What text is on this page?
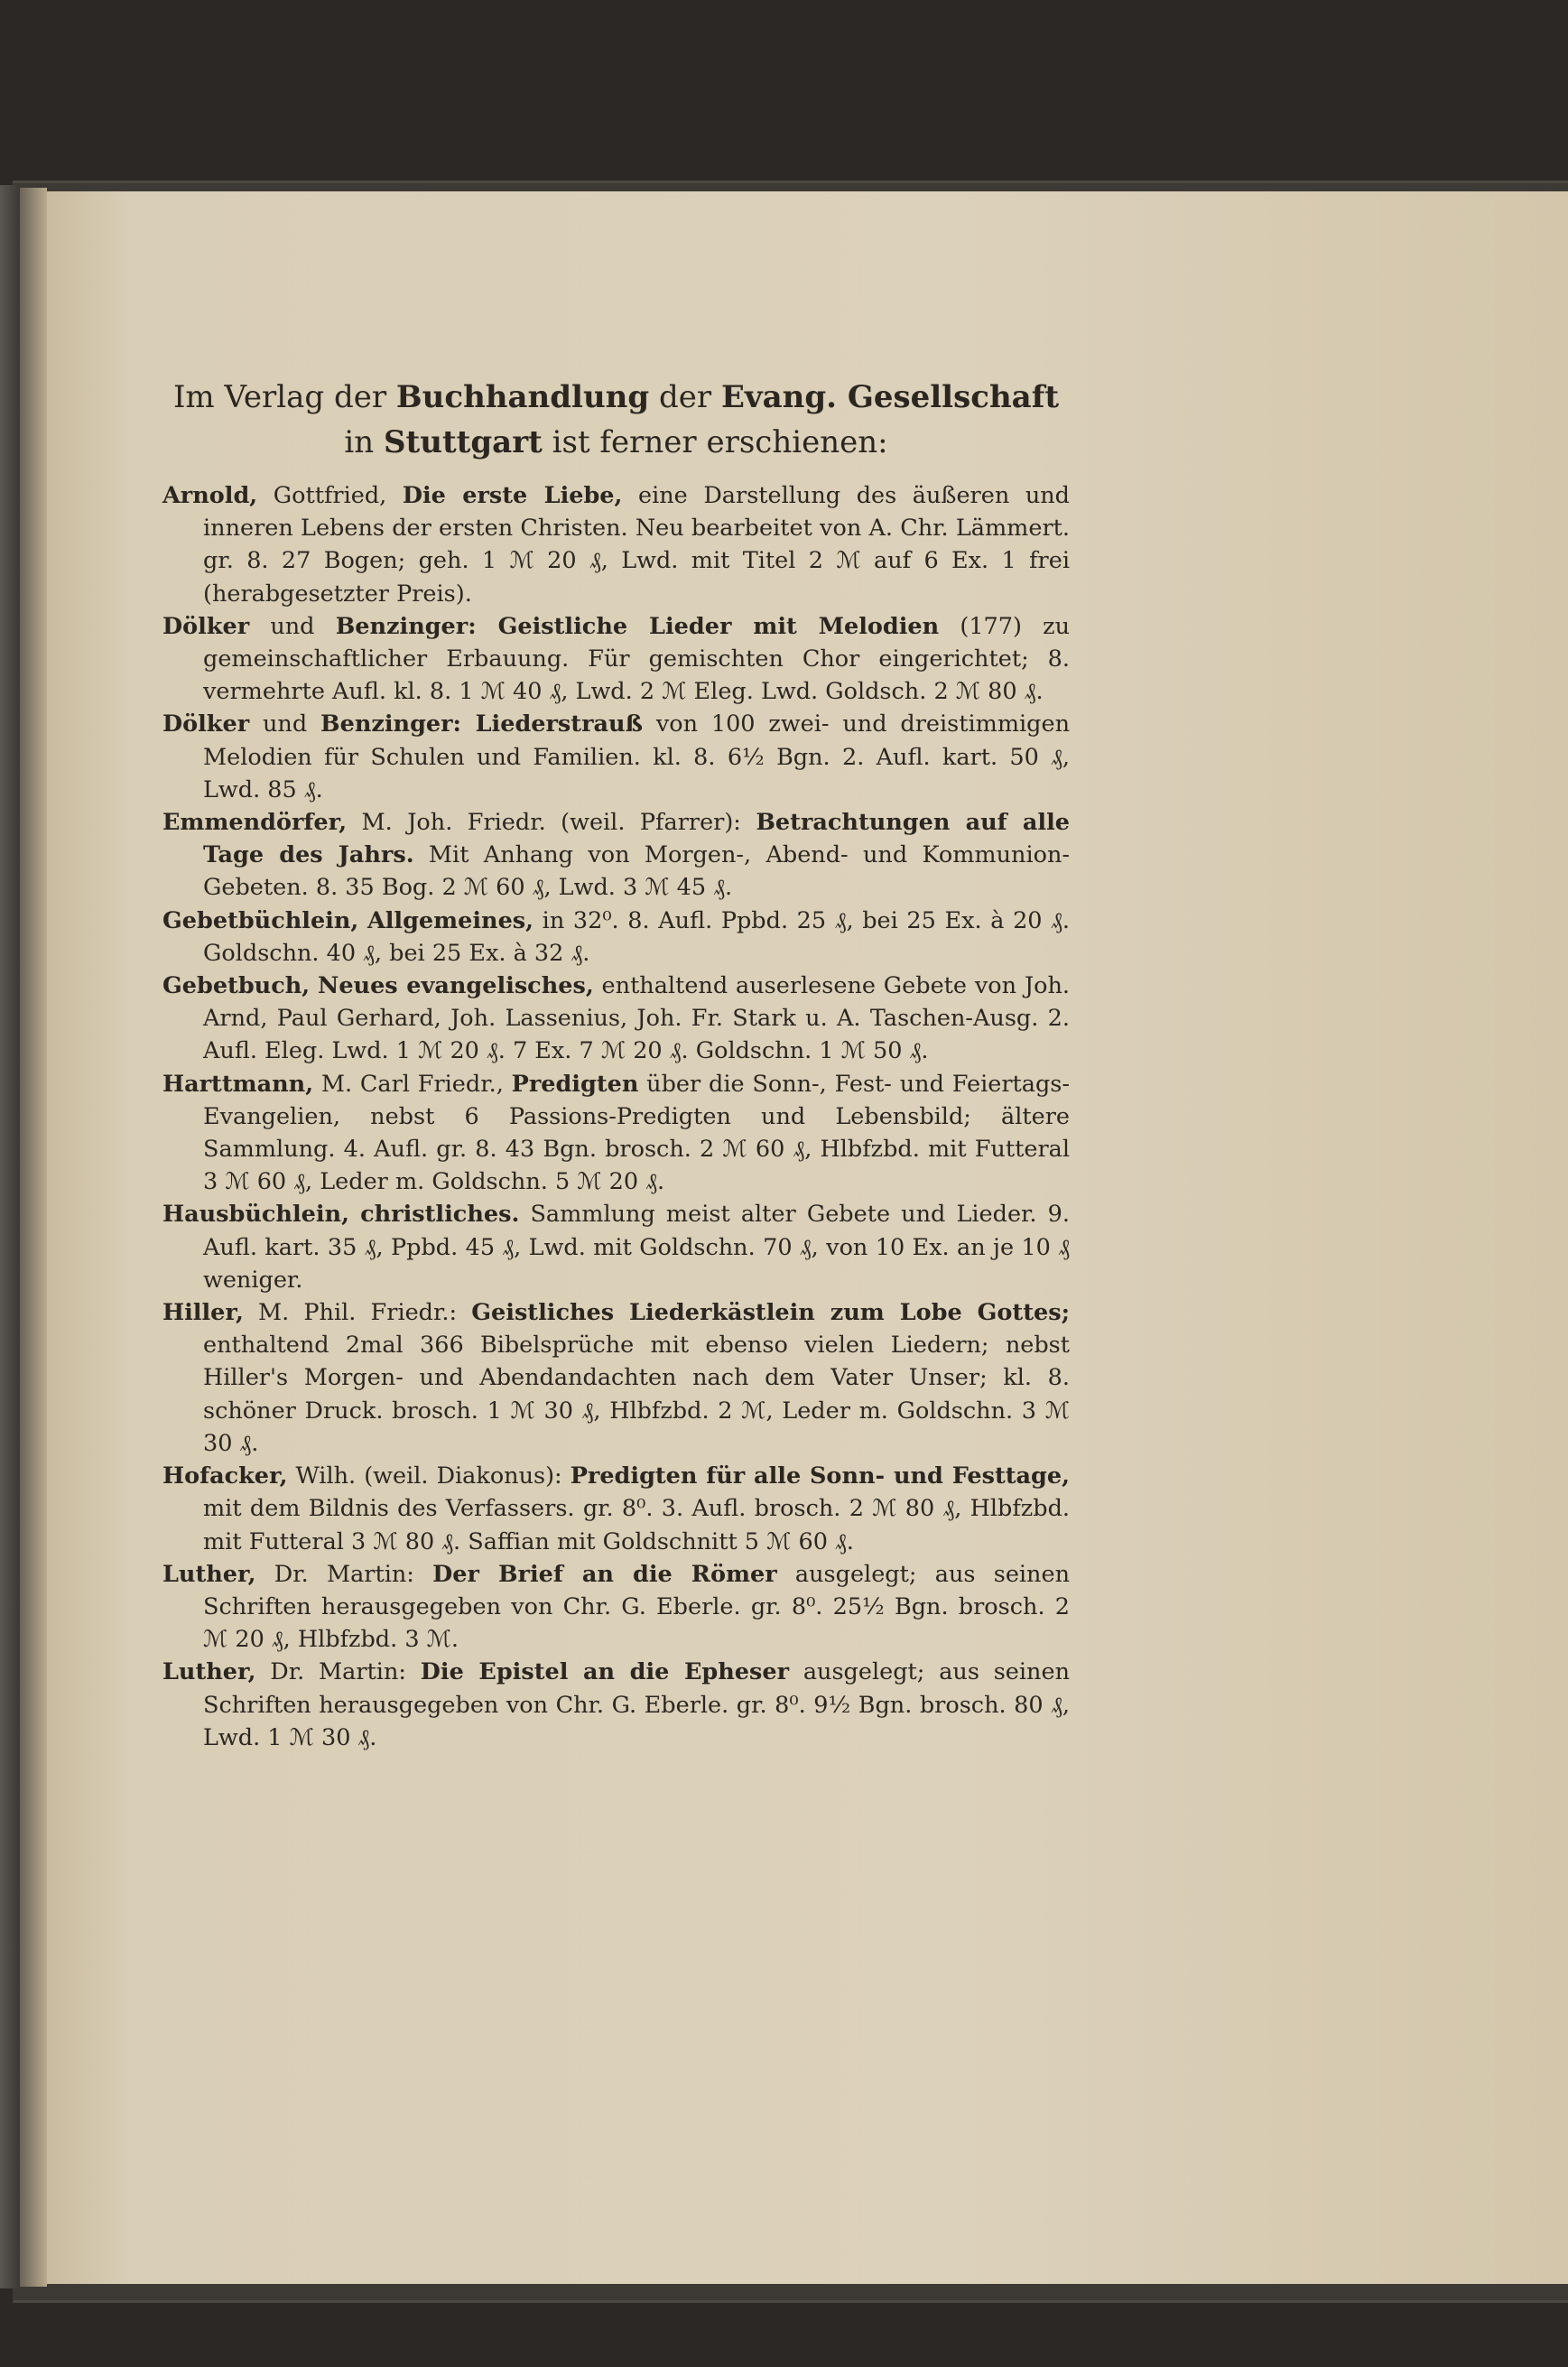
Im Verlag der Buchhandlung der Evang. Gesellschaft
in Stuttgart ist ferner erschienen:

Arnold, Gottfried, Die erste Liebe, eine Darstellung des äußeren und inneren Lebens der ersten Christen. Neu bearbeitet von A. Chr. Lämmert. gr. 8. 27 Bogen; geh. 1 ℳ 20 ₰, Lwd. mit Titel 2 ℳ auf 6 Ex. 1 frei (herabgesetzter Preis).

Dölker und Benzinger: Geistliche Lieder mit Melodien (177) zu gemeinschaftlicher Erbauung. Für gemischten Chor eingerichtet; 8. vermehrte Aufl. kl. 8. 1 ℳ 40 ₰, Lwd. 2 ℳ Eleg. Lwd. Goldsch. 2 ℳ 80 ₰.

Dölker und Benzinger: Liederstrauß von 100 zwei- und dreistimmigen Melodien für Schulen und Familien. kl. 8. 6½ Bgn. 2. Aufl. kart. 50 ₰, Lwd. 85 ₰.

Emmendörfer, M. Joh. Friedr. (weil. Pfarrer): Betrachtungen auf alle Tage des Jahrs. Mit Anhang von Morgen-, Abend- und Kommunion-Gebeten. 8. 35 Bog. 2 ℳ 60 ₰, Lwd. 3 ℳ 45 ₰.

Gebetbüchlein, Allgemeines, in 32⁰. 8. Aufl. Ppbd. 25 ₰, bei 25 Ex. à 20 ₰. Goldschn. 40 ₰, bei 25 Ex. à 32 ₰.

Gebetbuch, Neues evangelisches, enthaltend auserlesene Gebete von Joh. Arnd, Paul Gerhard, Joh. Lassenius, Joh. Fr. Stark u. A. Taschen-Ausg. 2. Aufl. Eleg. Lwd. 1 ℳ 20 ₰. 7 Ex. 7 ℳ 20 ₰. Goldschn. 1 ℳ 50 ₰.

Harttmann, M. Carl Friedr., Predigten über die Sonn-, Fest- und Feiertags-Evangelien, nebst 6 Passions-Predigten und Lebensbild; ältere Sammlung. 4. Aufl. gr. 8. 43 Bgn. brosch. 2 ℳ 60 ₰, Hlbfzbd. mit Futteral 3 ℳ 60 ₰, Leder m. Goldschn. 5 ℳ 20 ₰.

Hausbüchlein, christliches. Sammlung meist alter Gebete und Lieder. 9. Aufl. kart. 35 ₰, Ppbd. 45 ₰, Lwd. mit Goldschn. 70 ₰, von 10 Ex. an je 10 ₰ weniger.

Hiller, M. Phil. Friedr.: Geistliches Liederkästlein zum Lobe Gottes; enthaltend 2mal 366 Bibelsprüche mit ebenso vielen Liedern; nebst Hiller's Morgen- und Abendandachten nach dem Vater Unser; kl. 8. schöner Druck. brosch. 1 ℳ 30 ₰, Hlbfzbd. 2 ℳ, Leder m. Goldschn. 3 ℳ 30 ₰.

Hofacker, Wilh. (weil. Diakonus): Predigten für alle Sonn- und Festtage, mit dem Bildnis des Verfassers. gr. 8⁰. 3. Aufl. brosch. 2 ℳ 80 ₰, Hlbfzbd. mit Futteral 3 ℳ 80 ₰. Saffian mit Goldschnitt 5 ℳ 60 ₰.

Luther, Dr. Martin: Der Brief an die Römer ausgelegt; aus seinen Schriften herausgegeben von Chr. G. Eberle. gr. 8⁰. 25½ Bgn. brosch. 2 ℳ 20 ₰, Hlbfzbd. 3 ℳ.

Luther, Dr. Martin: Die Epistel an die Epheser ausgelegt; aus seinen Schriften herausgegeben von Chr. G. Eberle. gr. 8⁰. 9½ Bgn. brosch. 80 ₰, Lwd. 1 ℳ 30 ₰.
